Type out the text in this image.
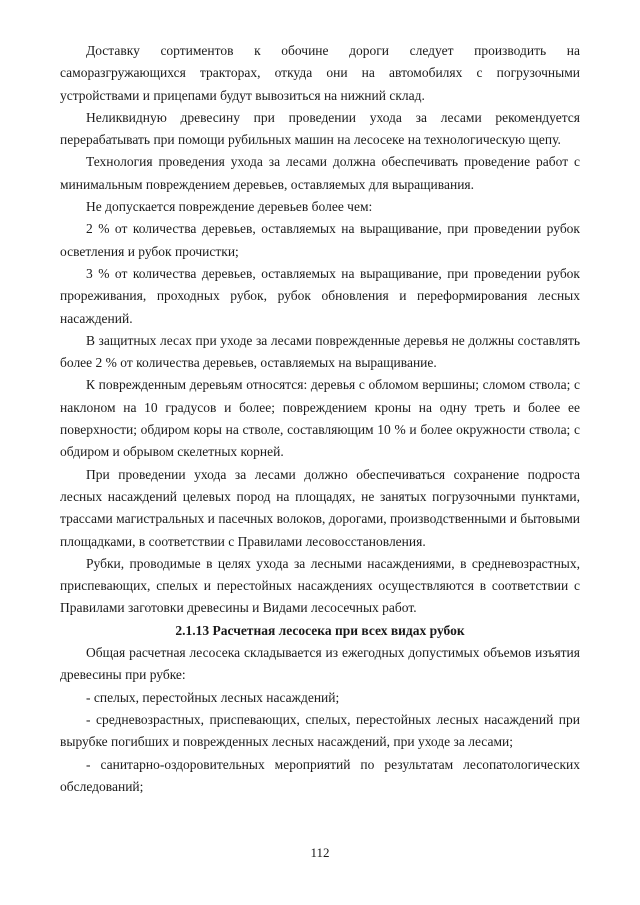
Доставку сортиментов к обочине дороги следует производить на саморазгружающихся тракторах, откуда они на автомобилях с погрузочными устройствами и прицепами будут вывозиться на нижний склад.

Неликвидную древесину при проведении ухода за лесами рекомендуется перерабатывать при помощи рубильных машин на лесосеке на технологическую щепу.

Технология проведения ухода за лесами должна обеспечивать проведение работ с минимальным повреждением деревьев, оставляемых для выращивания.

Не допускается повреждение деревьев более чем:

2 % от количества деревьев, оставляемых на выращивание, при проведении рубок осветления и рубок прочистки;

3 % от количества деревьев, оставляемых на выращивание, при проведении рубок прореживания, проходных рубок, рубок обновления и переформирования лесных насаждений.

В защитных лесах при уходе за лесами поврежденные деревья не должны составлять более 2 % от количества деревьев, оставляемых на выращивание.

К поврежденным деревьям относятся: деревья с обломом вершины; сломом ствола; с наклоном на 10 градусов и более; повреждением кроны на одну треть и более ее поверхности; обдиром коры на стволе, составляющим 10 % и более окружности ствола; с обдиром и обрывом скелетных корней.

При проведении ухода за лесами должно обеспечиваться сохранение подроста лесных насаждений целевых пород на площадях, не занятых погрузочными пунктами, трассами магистральных и пасечных волоков, дорогами, производственными и бытовыми площадками, в соответствии с Правилами лесовосстановления.

Рубки, проводимые в целях ухода за лесными насаждениями, в средневозрастных, приспевающих, спелых и перестойных насаждениях осуществляются в соответствии с Правилами заготовки древесины и Видами лесосечных работ.

2.1.13 Расчетная лесосека при всех видах рубок

Общая расчетная лесосека складывается из ежегодных допустимых объемов изъятия древесины при рубке:

- спелых, перестойных лесных насаждений;

- средневозрастных, приспевающих, спелых, перестойных лесных насаждений при вырубке погибших и поврежденных лесных насаждений, при уходе за лесами;

- санитарно-оздоровительных мероприятий по результатам лесопатологических обследований;

112
